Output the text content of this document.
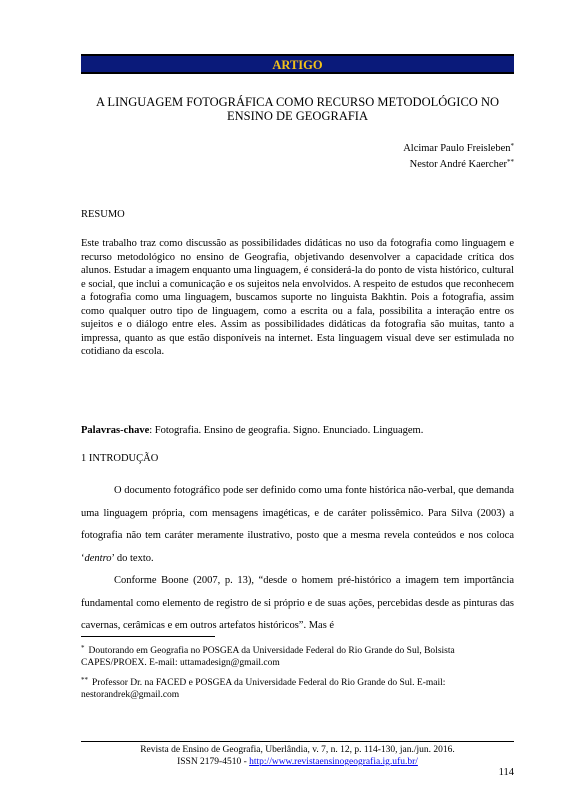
ARTIGO
A LINGUAGEM FOTOGRÁFICA COMO RECURSO METODOLÓGICO NO ENSINO DE GEOGRAFIA
Alcimar Paulo Freisleben*
Nestor André Kaercher**
RESUMO
Este trabalho traz como discussão as possibilidades didáticas no uso da fotografia como linguagem e recurso metodológico no ensino de Geografia, objetivando desenvolver a capacidade crítica dos alunos. Estudar a imagem enquanto uma linguagem, é considerá-la do ponto de vista histórico, cultural e social, que inclui a comunicação e os sujeitos nela envolvidos. A respeito de estudos que reconhecem a fotografia como uma linguagem, buscamos suporte no linguista Bakhtin. Pois a fotografia, assim como qualquer outro tipo de linguagem, como a escrita ou a fala, possibilita a interação entre os sujeitos e o diálogo entre eles. Assim as possibilidades didáticas da fotografia são muitas, tanto a impressa, quanto as que estão disponíveis na internet. Esta linguagem visual deve ser estimulada no cotidiano da escola.
Palavras-chave: Fotografia. Ensino de geografia. Signo. Enunciado. Linguagem.
1 INTRODUÇÃO

O documento fotográfico pode ser definido como uma fonte histórica não-verbal, que demanda uma linguagem própria, com mensagens imagéticas, e de caráter polissêmico. Para Silva (2003) a fotografia não tem caráter meramente ilustrativo, posto que a mesma revela conteúdos e nos coloca ‘dentro’ do texto.

Conforme Boone (2007, p. 13), “desde o homem pré-histórico a imagem tem importância fundamental como elemento de registro de si próprio e de suas ações, percebidas desde as pinturas das cavernas, cerâmicas e em outros artefatos históricos”. Mas é

* Doutorando em Geografia no POSGEA da Universidade Federal do Rio Grande do Sul, Bolsista CAPES/PROEX. E-mail: uttamadesign@gmail.com
** Professor Dr. na FACED e POSGEA da Universidade Federal do Rio Grande do Sul. E-mail: nestorandrek@gmail.com
Revista de Ensino de Geografia, Uberlândia, v. 7, n. 12, p. 114-130, jan./jun. 2016.
ISSN 2179-4510 - http://www.revistaensinogeografia.ig.ufu.br/
114
